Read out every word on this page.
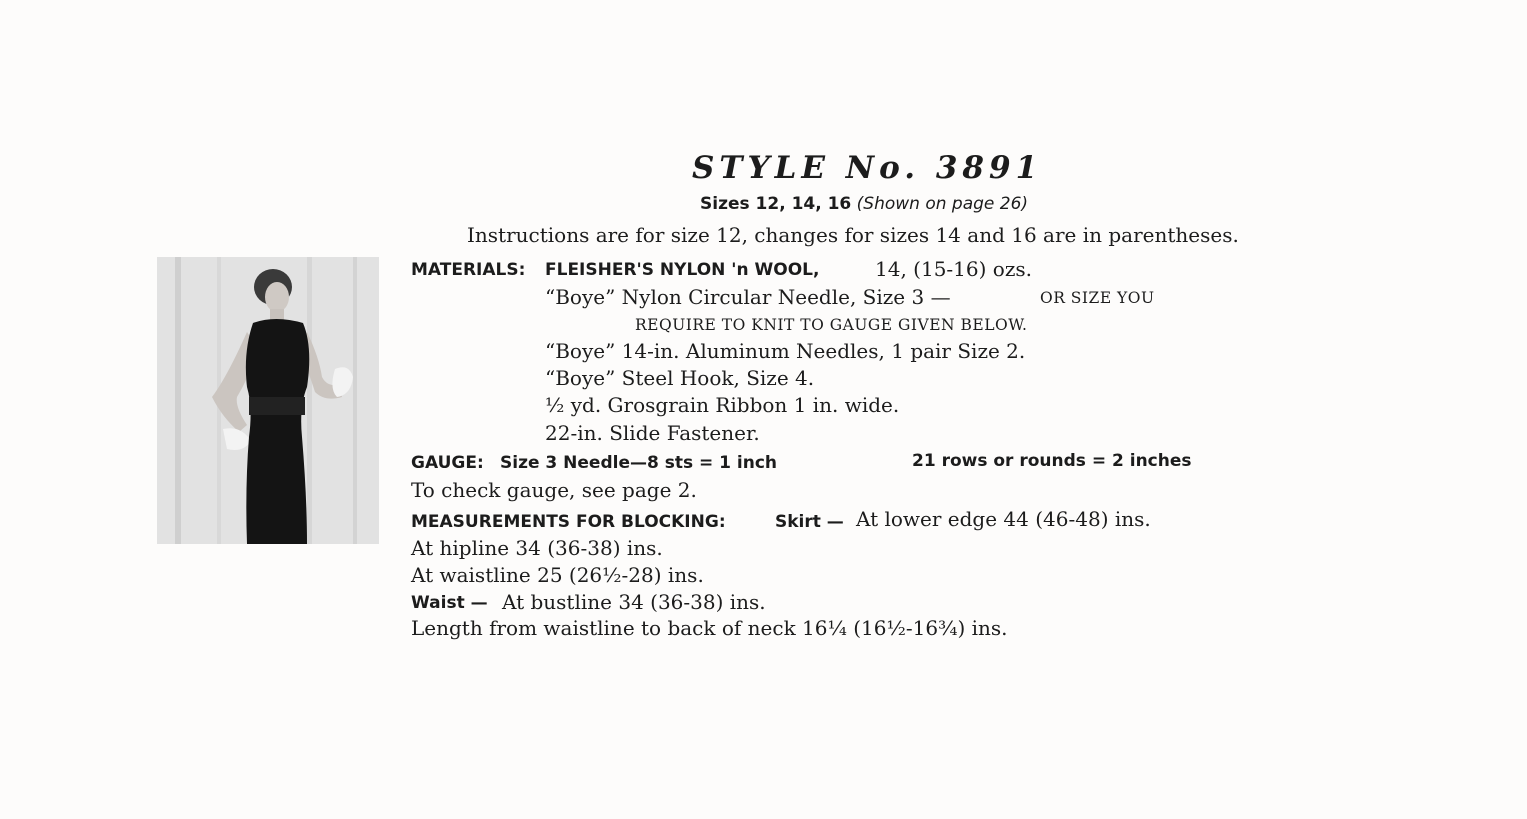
STYLE No. 3891
Sizes 12, 14, 16 (Shown on page 26)
Instructions are for size 12, changes for sizes 14 and 16 are in parentheses.
MATERIALS: FLEISHER'S NYLON 'n WOOL,	14, (15-16) ozs.
“Boye” Nylon Circular Needle, Size 3 —	OR SIZE YOU
REQUIRE TO KNIT TO GAUGE GIVEN BELOW.
“Boye” 14-in. Aluminum Needles, 1 pair Size 2.
“Boye” Steel Hook, Size 4.
½ yd. Grosgrain Ribbon 1 in. wide.
22-in. Slide Fastener.
GAUGE: Size 3 Needle—8 sts = 1 inch	21 rows or rounds = 2 inches
To check gauge, see page 2.
MEASUREMENTS FOR BLOCKING:	Skirt — At lower edge 44 (46-48) ins.
At hipline 34 (36-38) ins.
At waistline 25 (26½-28) ins.
Waist — At bustline 34 (36-38) ins.
Length from waistline to back of neck 16¼ (16½-16¾) ins.
